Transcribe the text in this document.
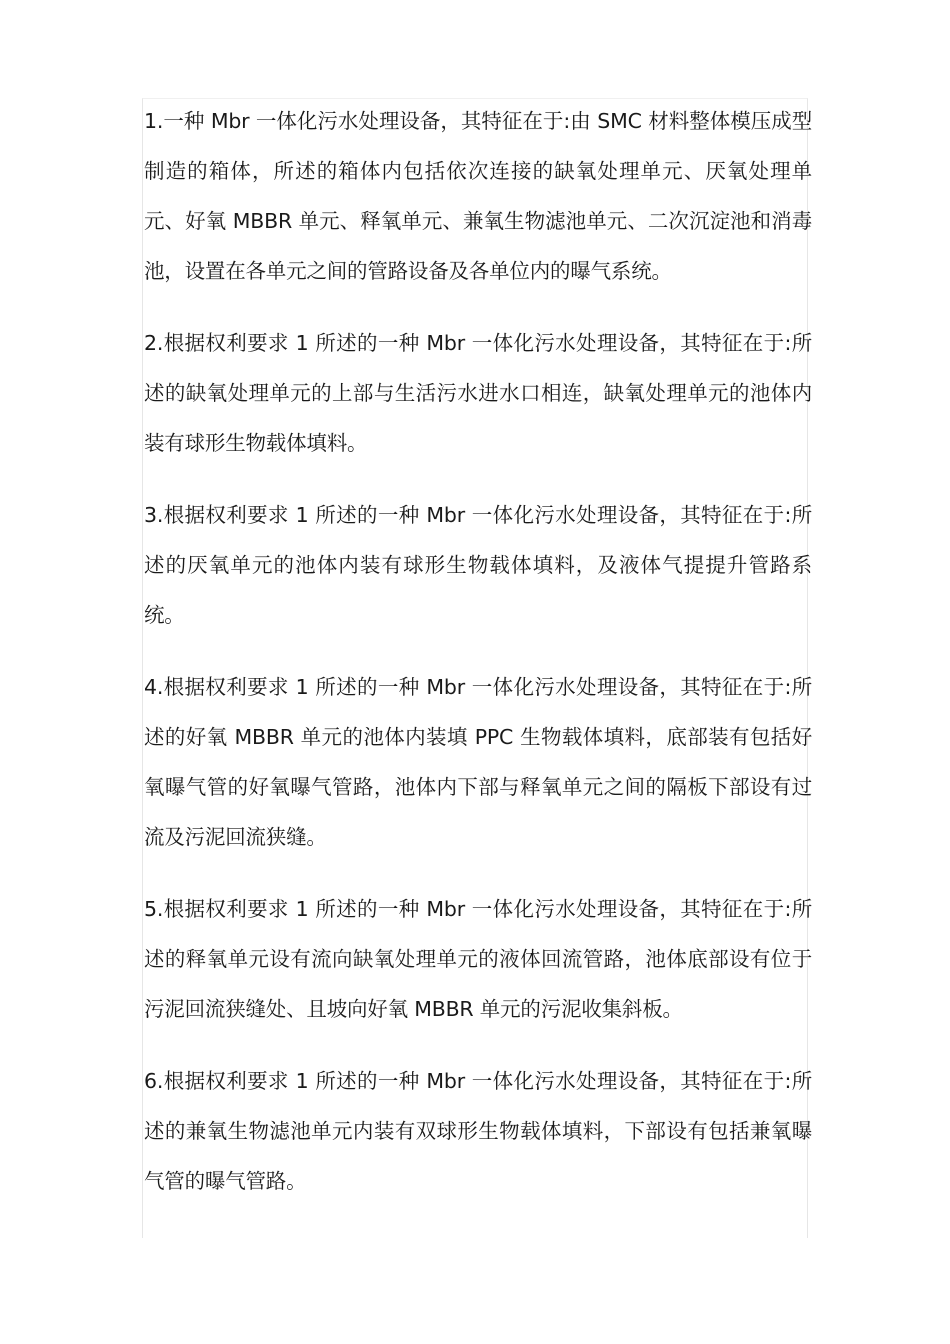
1.一种 Mbr 一体化污水处理设备，其特征在于:由 SMC 材料整体模压成型制造的箱体，所述的箱体内包括依次连接的缺氧处理单元、厌氧处理单元、好氧 MBBR 单元、释氧单元、兼氧生物滤池单元、二次沉淀池和消毒池，设置在各单元之间的管路设备及各单位内的曝气系统。

2.根据权利要求 1 所述的一种 Mbr 一体化污水处理设备，其特征在于:所述的缺氧处理单元的上部与生活污水进水口相连，缺氧处理单元的池体内装有球形生物载体填料。

3.根据权利要求 1 所述的一种 Mbr 一体化污水处理设备，其特征在于:所述的厌氧单元的池体内装有球形生物载体填料，及液体气提提升管路系统。

4.根据权利要求 1 所述的一种 Mbr 一体化污水处理设备，其特征在于:所述的好氧 MBBR 单元的池体内装填 PPC 生物载体填料，底部装有包括好氧曝气管的好氧曝气管路，池体内下部与释氧单元之间的隔板下部设有过流及污泥回流狭缝。

5.根据权利要求 1 所述的一种 Mbr 一体化污水处理设备，其特征在于:所述的释氧单元设有流向缺氧处理单元的液体回流管路，池体底部设有位于污泥回流狭缝处、且坡向好氧 MBBR 单元的污泥收集斜板。

6.根据权利要求 1 所述的一种 Mbr 一体化污水处理设备，其特征在于:所述的兼氧生物滤池单元内装有双球形生物载体填料，下部设有包括兼氧曝气管的曝气管路。
